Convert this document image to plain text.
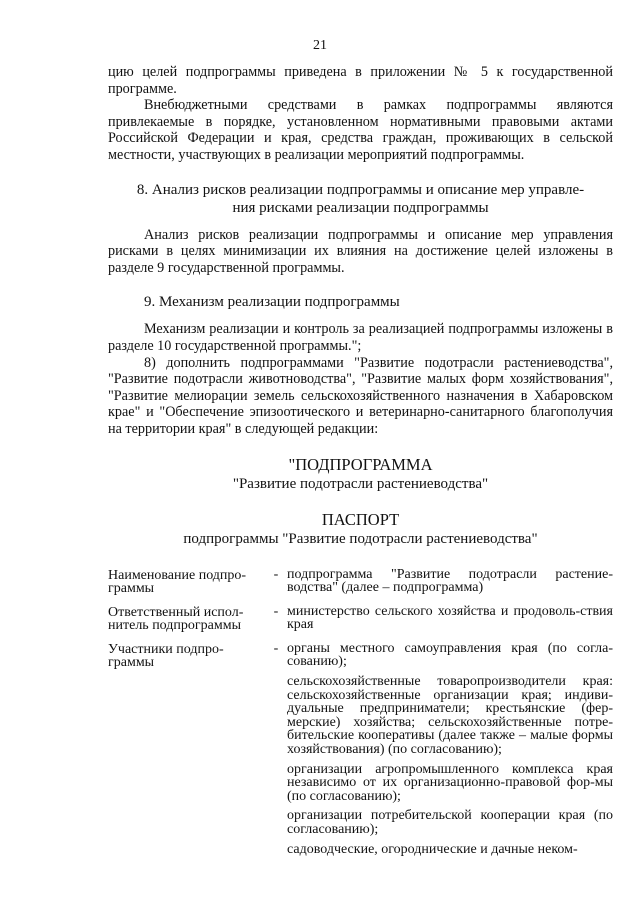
21

цию целей подпрограммы приведена в приложении № 5 к государственной программе.

Внебюджетными средствами в рамках подпрограммы являются привлекаемые в порядке, установленном нормативными правовыми актами Российской Федерации и края, средства граждан, проживающих в сельской местности, участвующих в реализации мероприятий подпрограммы.

8. Анализ рисков реализации подпрограммы и описание мер управле-
ния рисками реализации подпрограммы

Анализ рисков реализации подпрограммы и описание мер управления рисками в целях минимизации их влияния на достижение целей изложены в разделе 9 государственной программы.

9. Механизм реализации подпрограммы

Механизм реализации и контроль за реализацией подпрограммы изложены в разделе 10 государственной программы.";

8) дополнить подпрограммами "Развитие подотрасли растениеводства", "Развитие подотрасли животноводства", "Развитие малых форм хозяйствования", "Развитие мелиорации земель сельскохозяйственного назначения в Хабаровском крае" и "Обеспечение эпизоотического и ветеринарно-санитарного благополучия на территории края" в следующей редакции:

"ПОДПРОГРАММА

"Развитие подотрасли растениеводства"

ПАСПОРТ

подпрограммы "Развитие подотрасли растениеводства"

Наименование подпро-граммы
- подпрограмма "Развитие подотрасли растение-водства" (далее – подпрограмма)

Ответственный испол-нитель подпрограммы
- министерство сельского хозяйства и продоволь-ствия края

Участники подпро-граммы
- органы местного самоуправления края (по согла-сованию);

сельскохозяйственные товаропроизводители края: сельскохозяйственные организации края; индиви-дуальные предприниматели; крестьянские (фер-мерские) хозяйства; сельскохозяйственные потре-бительские кооперативы (далее также – малые формы хозяйствования) (по согласованию);

организации агропромышленного комплекса края независимо от их организационно-правовой фор-мы (по согласованию);

организации потребительской кооперации края (по согласованию);

садоводческие, огороднические и дачные неком-
